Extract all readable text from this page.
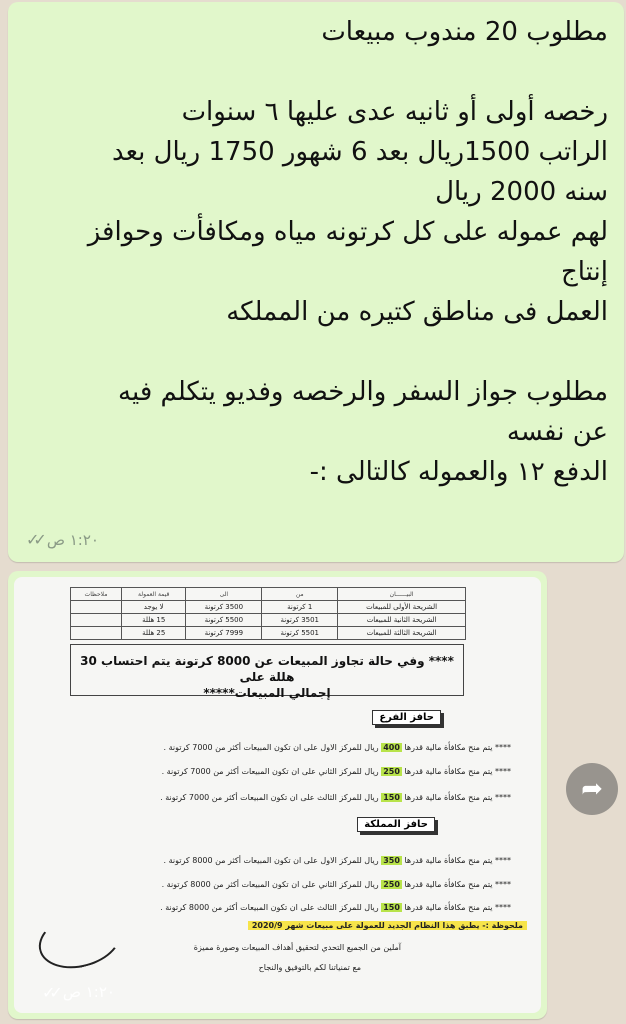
مطلوب 20 مندوب مبيعات

رخصه أولى أو ثانيه عدى عليها ٦ سنوات

الراتب 1500ريال بعد 6 شهور 1750 ريال بعد

سنه 2000 ريال

لهم عموله على كل كرتونه مياه ومكافأت وحوافز

إنتاج

العمل فى مناطق كتيره من المملكه

مطلوب جواز السفر والرخصه وفديو يتكلم فيه

عن نفسه

الدفع ١٢ والعموله كالتالى :-

✓✓ ١:٢٠ ص
البيــــــان	من	الى	قيمة العمولة	ملاحظات
الشريحة الأولى للمبيعات	1 كرتونة	3500 كرتونة	لا يوجد	
الشريحة الثانية للمبيعات	3501 كرتونة	5500 كرتونة	15 هللة	
الشريحة الثالثة للمبيعات	5501 كرتونة	7999 كرتونة	25 هللة	
**** وفي حالة تجاوز المبيعات عن 8000 كرتونة يتم احتساب 30 هللة على
إجمالي المبيعات*****
حافز الفرع
**** يتم منح مكافأة مالية قدرها 400 ريال للمركز الاول على ان تكون المبيعات أكثر من 7000 كرتونة .
**** يتم منح مكافأة مالية قدرها 250 ريال للمركز الثاني على ان تكون المبيعات أكثر من 7000 كرتونة .
**** يتم منح مكافأة مالية قدرها 150 ريال للمركز الثالث على ان تكون المبيعات أكثر من 7000 كرتونة .
حافز المملكة
**** يتم منح مكافأة مالية قدرها 350 ريال للمركز الاول على ان تكون المبيعات أكثر من 8000 كرتونة .
**** يتم منح مكافأة مالية قدرها 250 ريال للمركز الثاني على ان تكون المبيعات أكثر من 8000 كرتونة .
**** يتم منح مكافأة مالية قدرها 150 ريال للمركز الثالث على ان تكون المبيعات أكثر من 8000 كرتونة .
ملحوظة :- يطبق هذا النظام الجديد للعمولة على مبيعات شهر 2020/9
آملين من الجميع التحدي لتحقيق أهداف المبيعات وصورة مميزة
مع تمنياتنا لكم بالتوفيق والنجاح
✓✓ ١:٢٠ ص
➦
